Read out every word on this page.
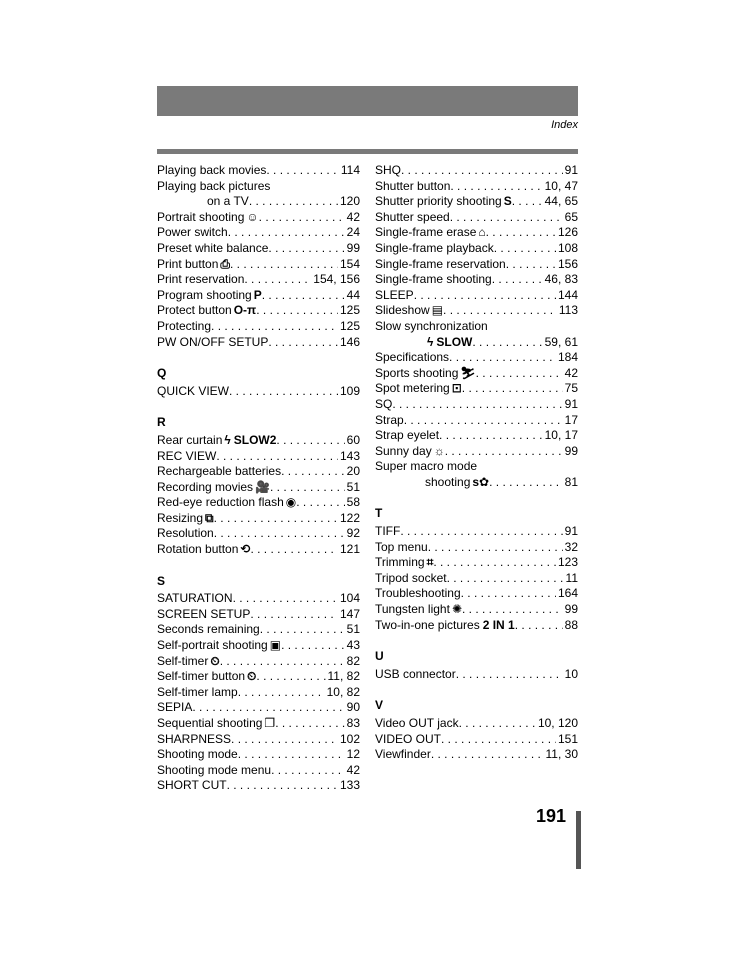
Index
Playing back movies . . .	114
Playing back pictures
on a TV . . .	120
Portrait shooting ☺ . . .	42
Power switch . . .	24
Preset white balance . . .	99
Print button ⎙ . . .	154
Print reservation . . .	154, 156
Program shooting P . . .	44
Protect button O‑π . . .	125
Protecting . . .	125
PW ON/OFF SETUP . . .	146
Q
QUICK VIEW . . .	109
R
Rear curtain ϟ SLOW2 . . .	60
REC VIEW . . .	143
Rechargeable batteries . . .	20
Recording movies 🎥 . . .	51
Red-eye reduction flash ◉ . . .	58
Resizing ⧉ . . .	122
Resolution . . .	92
Rotation button ⟲ . . .	121
S
SATURATION . . .	104
SCREEN SETUP . . .	147
Seconds remaining . . .	51
Self-portrait shooting ▣ . . .	43
Self-timer ⏲ . . .	82
Self-timer button ⏲ . . .	11, 82
Self-timer lamp . . .	10, 82
SEPIA . . .	90
Sequential shooting ❐ . . .	83
SHARPNESS . . .	102
Shooting mode . . .	12
Shooting mode menu . . .	42
SHORT CUT . . .	133
SHQ . . .	91
Shutter button . . .	10, 47
Shutter priority shooting S . . .	44, 65
Shutter speed . . .	65
Single-frame erase ⌂ . . .	126
Single-frame playback . . .	108
Single-frame reservation . . .	156
Single-frame shooting . . .	46, 83
SLEEP . . .	144
Slideshow ▤ . . .	113
Slow synchronization
ϟ SLOW . . .	59, 61
Specifications . . .	184
Sports shooting ⛷ . . .	42
Spot metering ⊡ . . .	75
SQ . . .	91
Strap . . .	17
Strap eyelet . . .	10, 17
Sunny day ☼ . . .	99
Super macro mode
shooting s✿ . . .	81
T
TIFF . . .	91
Top menu . . .	32
Trimming ⌗ . . .	123
Tripod socket . . .	11
Troubleshooting . . .	164
Tungsten light ✺ . . .	99
Two-in-one pictures 2 IN 1 . . .	88
U
USB connector . . .	10
V
Video OUT jack . . .	10, 120
VIDEO OUT . . .	151
Viewfinder . . .	11, 30
191
